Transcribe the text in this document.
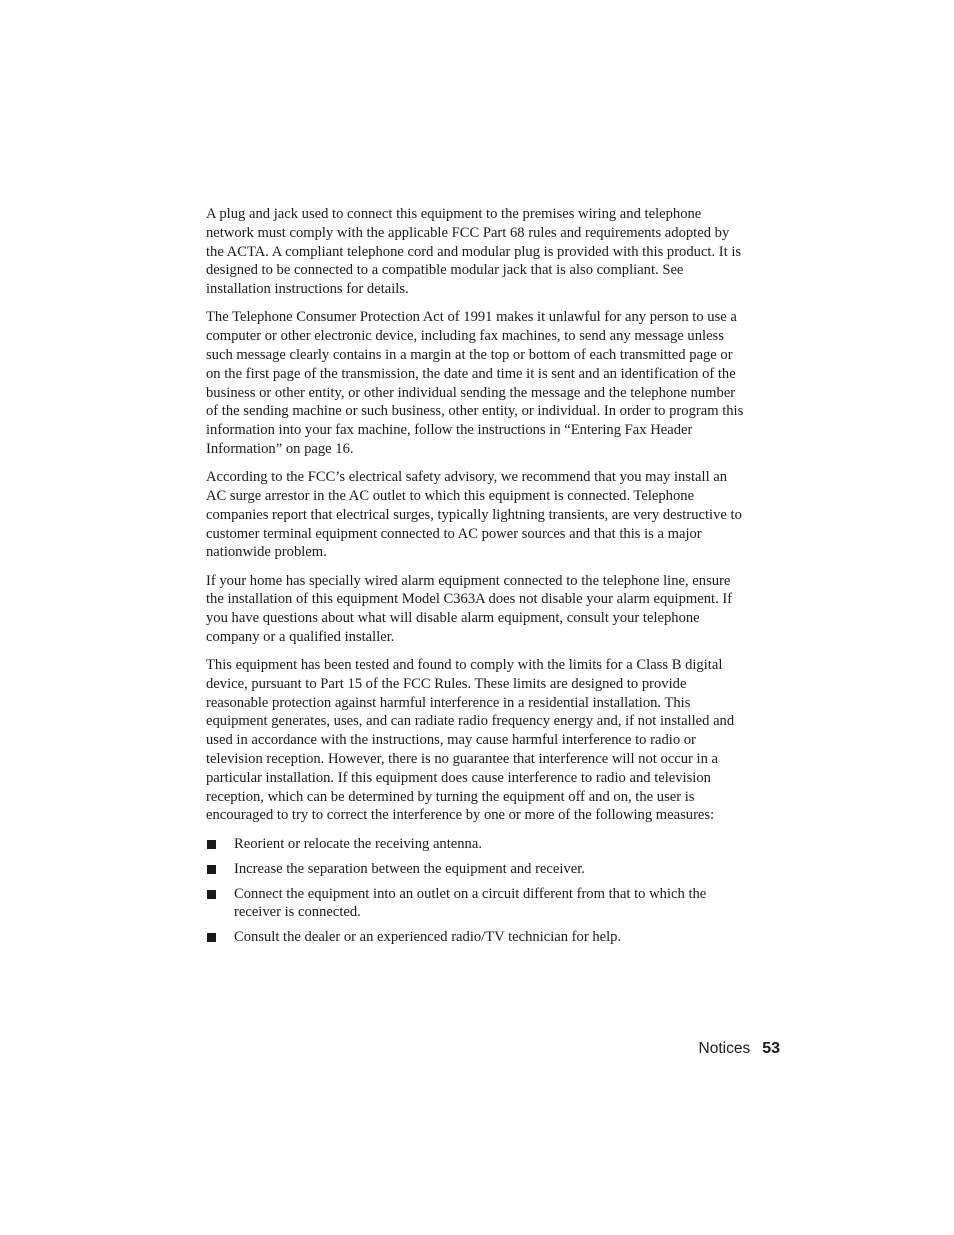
A plug and jack used to connect this equipment to the premises wiring and telephone network must comply with the applicable FCC Part 68 rules and requirements adopted by the ACTA. A compliant telephone cord and modular plug is provided with this product. It is designed to be connected to a compatible modular jack that is also compliant. See installation instructions for details.

The Telephone Consumer Protection Act of 1991 makes it unlawful for any person to use a computer or other electronic device, including fax machines, to send any message unless such message clearly contains in a margin at the top or bottom of each transmitted page or on the first page of the transmission, the date and time it is sent and an identification of the business or other entity, or other individual sending the message and the telephone number of the sending machine or such business, other entity, or individual. In order to program this information into your fax machine, follow the instructions in “Entering Fax Header Information” on page 16.

According to the FCC’s electrical safety advisory, we recommend that you may install an AC surge arrestor in the AC outlet to which this equipment is connected. Telephone companies report that electrical surges, typically lightning transients, are very destructive to customer terminal equipment connected to AC power sources and that this is a major nationwide problem.

If your home has specially wired alarm equipment connected to the telephone line, ensure the installation of this equipment Model C363A does not disable your alarm equipment. If you have questions about what will disable alarm equipment, consult your telephone company or a qualified installer.

This equipment has been tested and found to comply with the limits for a Class B digital device, pursuant to Part 15 of the FCC Rules. These limits are designed to provide reasonable protection against harmful interference in a residential installation. This equipment generates, uses, and can radiate radio frequency energy and, if not installed and used in accordance with the instructions, may cause harmful interference to radio or television reception. However, there is no guarantee that interference will not occur in a particular installation. If this equipment does cause interference to radio and television reception, which can be determined by turning the equipment off and on, the user is encouraged to try to correct the interference by one or more of the following measures:

Reorient or relocate the receiving antenna.
Increase the separation between the equipment and receiver.
Connect the equipment into an outlet on a circuit different from that to which the receiver is connected.
Consult the dealer or an experienced radio/TV technician for help.
Notices 53
